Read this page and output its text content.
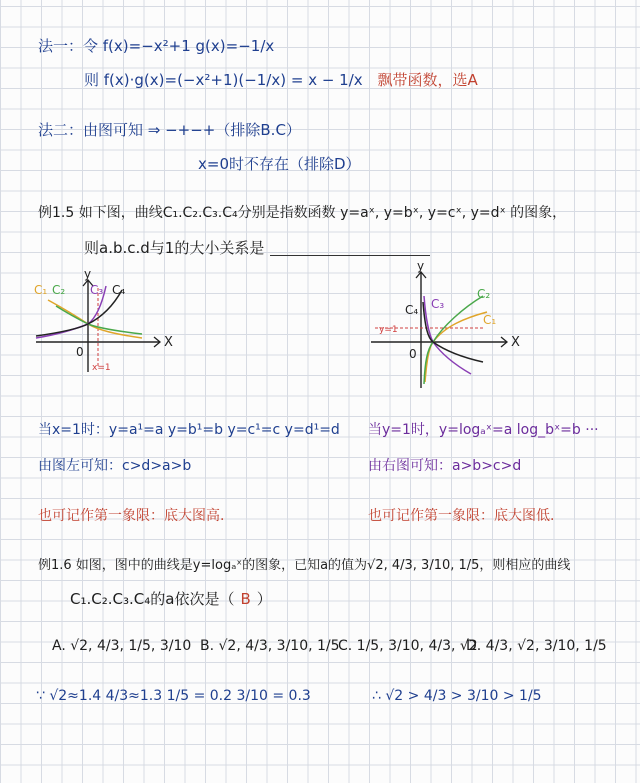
法一：令 f(x)=−x²+1 g(x)=−1/x
则 f(x)·g(x)=(−x²+1)(−1/x) = x − 1/x 飘带函数，选A
法二：由图可知 ⇒ −+−+（排除B.C）
x=0时不存在（排除D）
例1.5 如下图，曲线C₁.C₂.C₃.C₄分别是指数函数 y=aˣ, y=bˣ, y=cˣ, y=dˣ 的图象，
则a.b.c.d与1的大小关系是
C₁ C₂ C₃ C₄
X
y
0
x=1
C₄ C₃
C₂
C₁
X
y
0
y=1
当x=1时：y=a¹=a y=b¹=b y=c¹=c y=d¹=d
由图左可知：c>d>a>b
也可记作第一象限：底大图高.
当y=1时，y=logₐˣ=a log_bˣ=b ···
由右图可知：a>b>c>d
也可记作第一象限：底大图低.
例1.6 如图，图中的曲线是y=logₐˣ的图象，已知a的值为√2, 4/3, 3/10, 1/5，则相应的曲线
C₁.C₂.C₃.C₄的a依次是（ B ）
A. √2, 4/3, 1/5, 3/10 B. √2, 4/3, 3/10, 1/5
C. 1/5, 3/10, 4/3, √2
D. 4/3, √2, 3/10, 1/5
∵ √2≈1.4 4/3≈1.3 1/5 = 0.2 3/10 = 0.3	∴ √2 > 4/3 > 3/10 > 1/5
